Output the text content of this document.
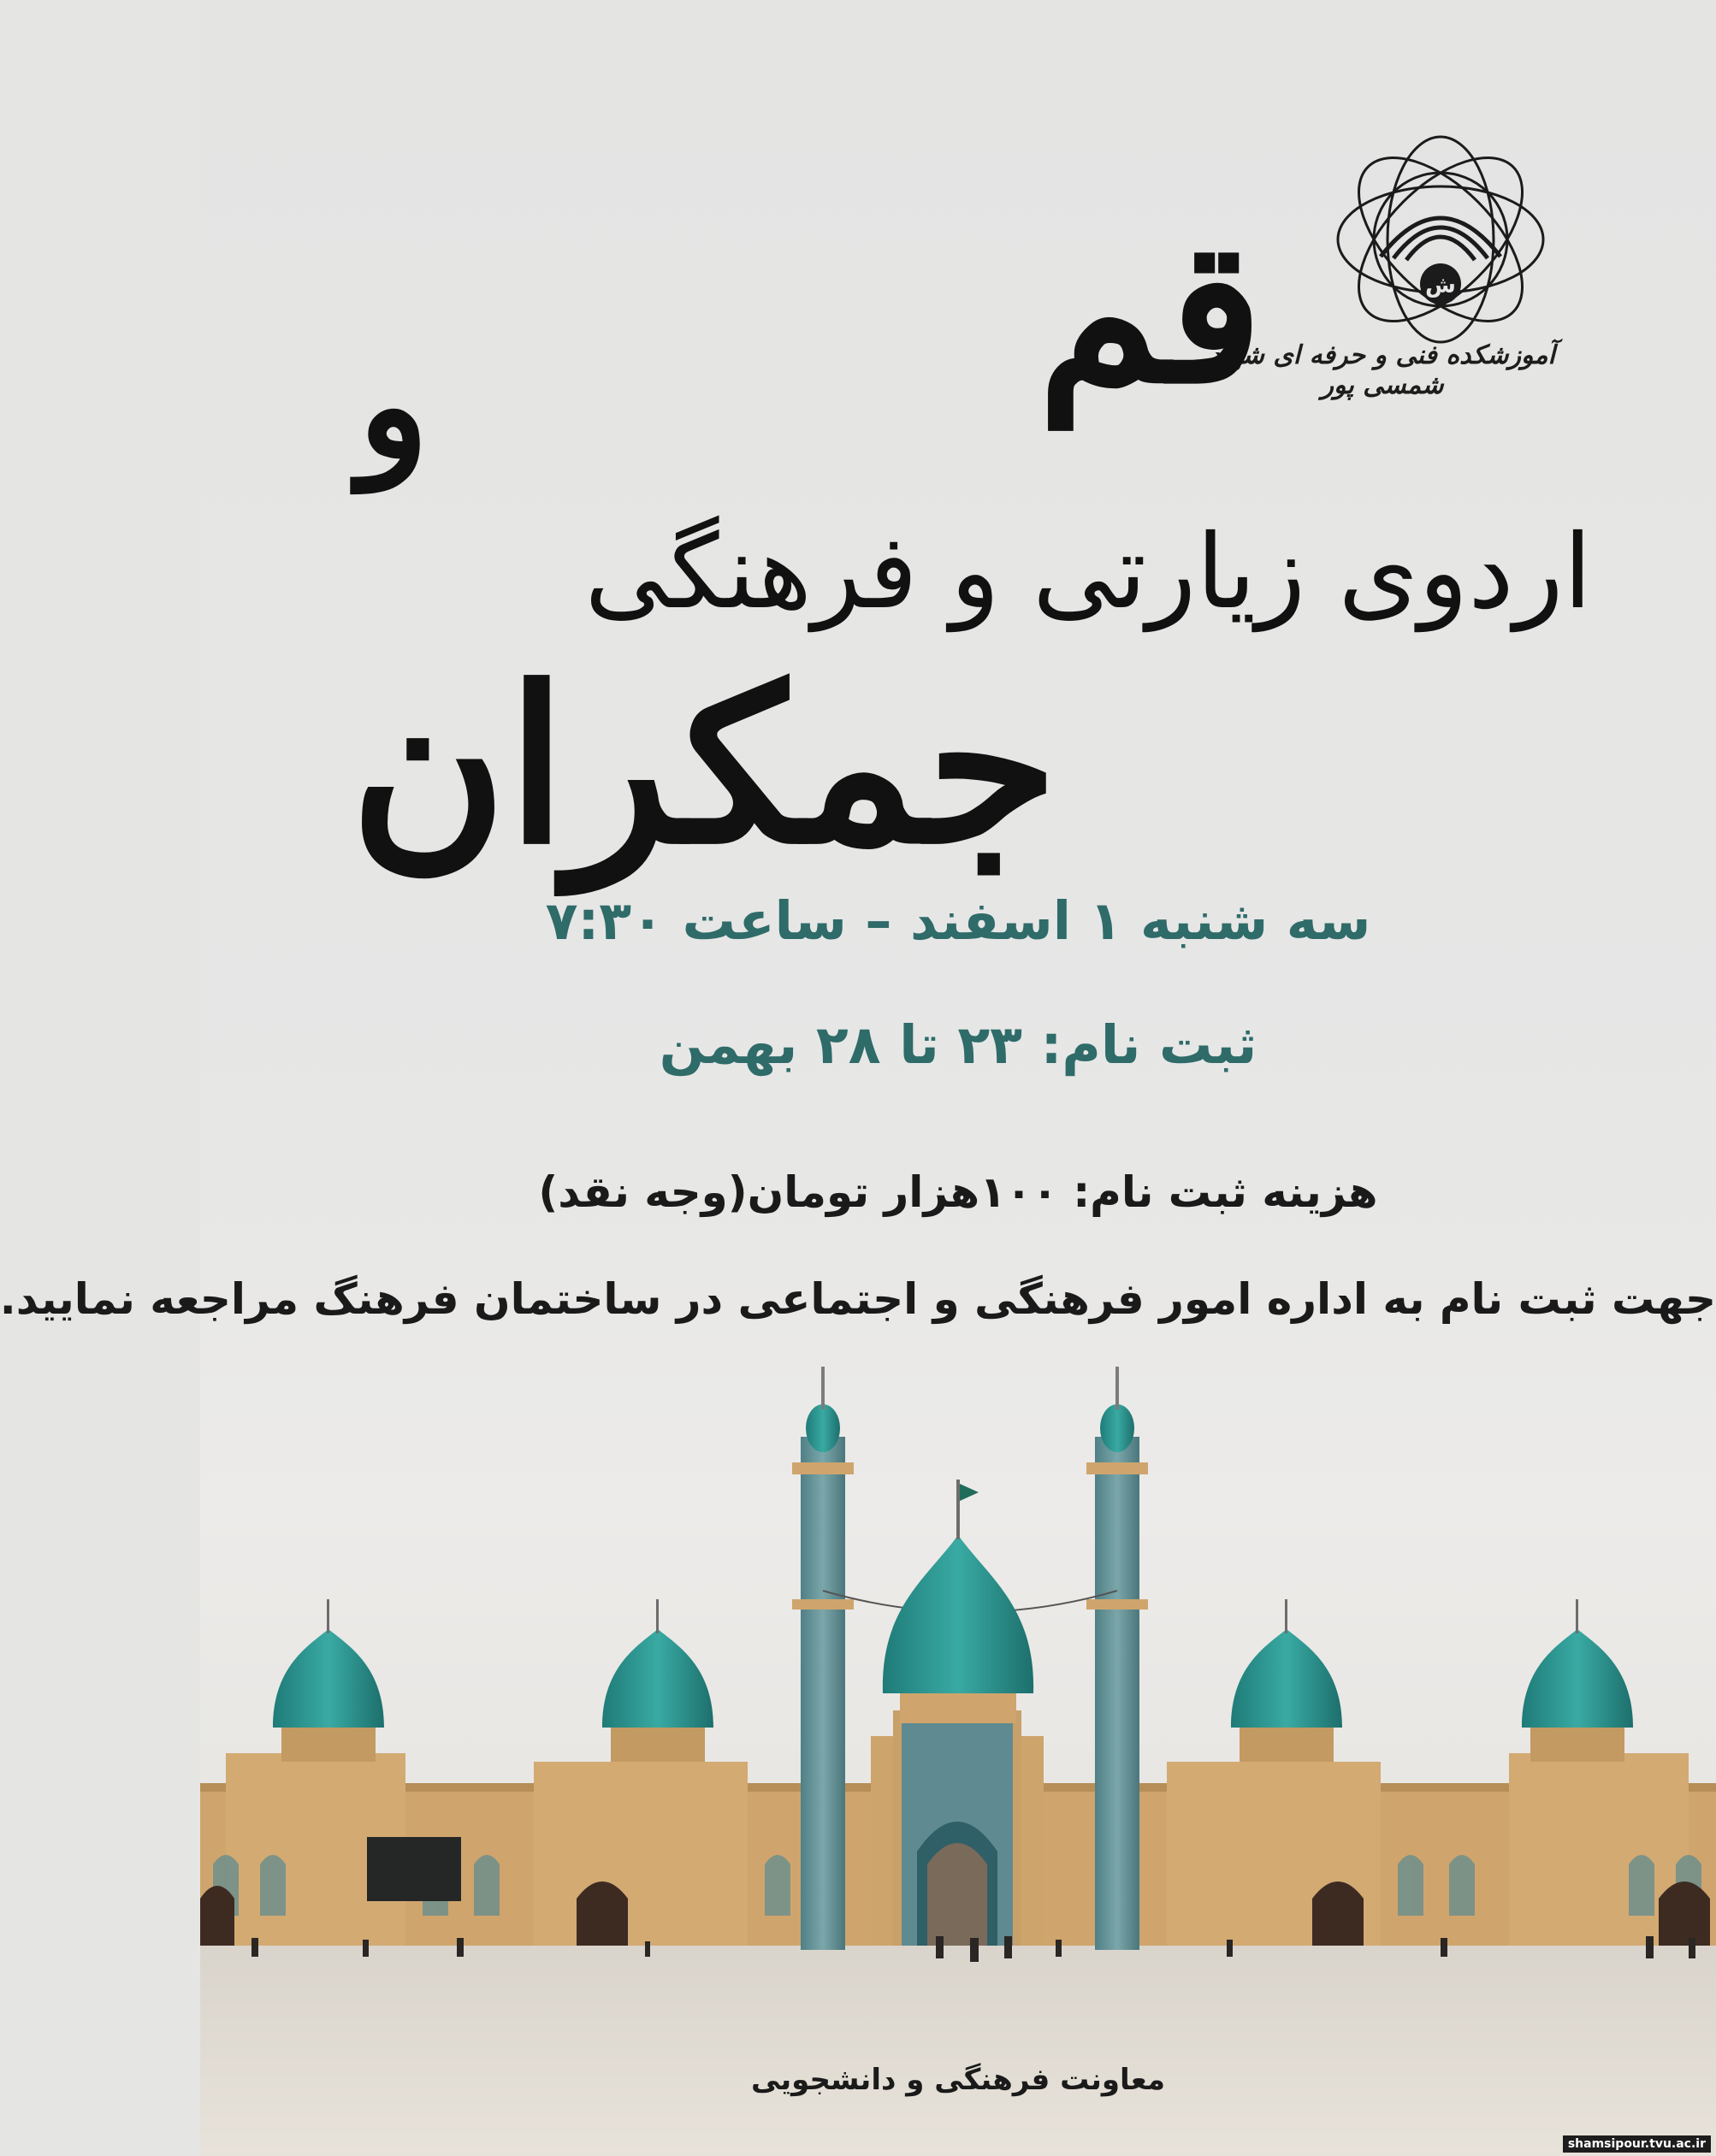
ش
آموزشکده فنی و حرفه ای شهید شمسی پور
قم
و
اردوی زیارتی و فرهنگی
جمکران
سه شنبه ۱ اسفند – ساعت ۷:۳۰
ثبت نام: ۲۳ تا ۲۸ بهمن
هزینه ثبت نام: ۱۰۰هزار تومان(وجه نقد)
جهت ثبت نام به اداره امور فرهنگی و اجتماعی در ساختمان فرهنگ مراجعه نمایید.
معاونت فرهنگی و دانشجویی
shamsipour.tvu.ac.ir
